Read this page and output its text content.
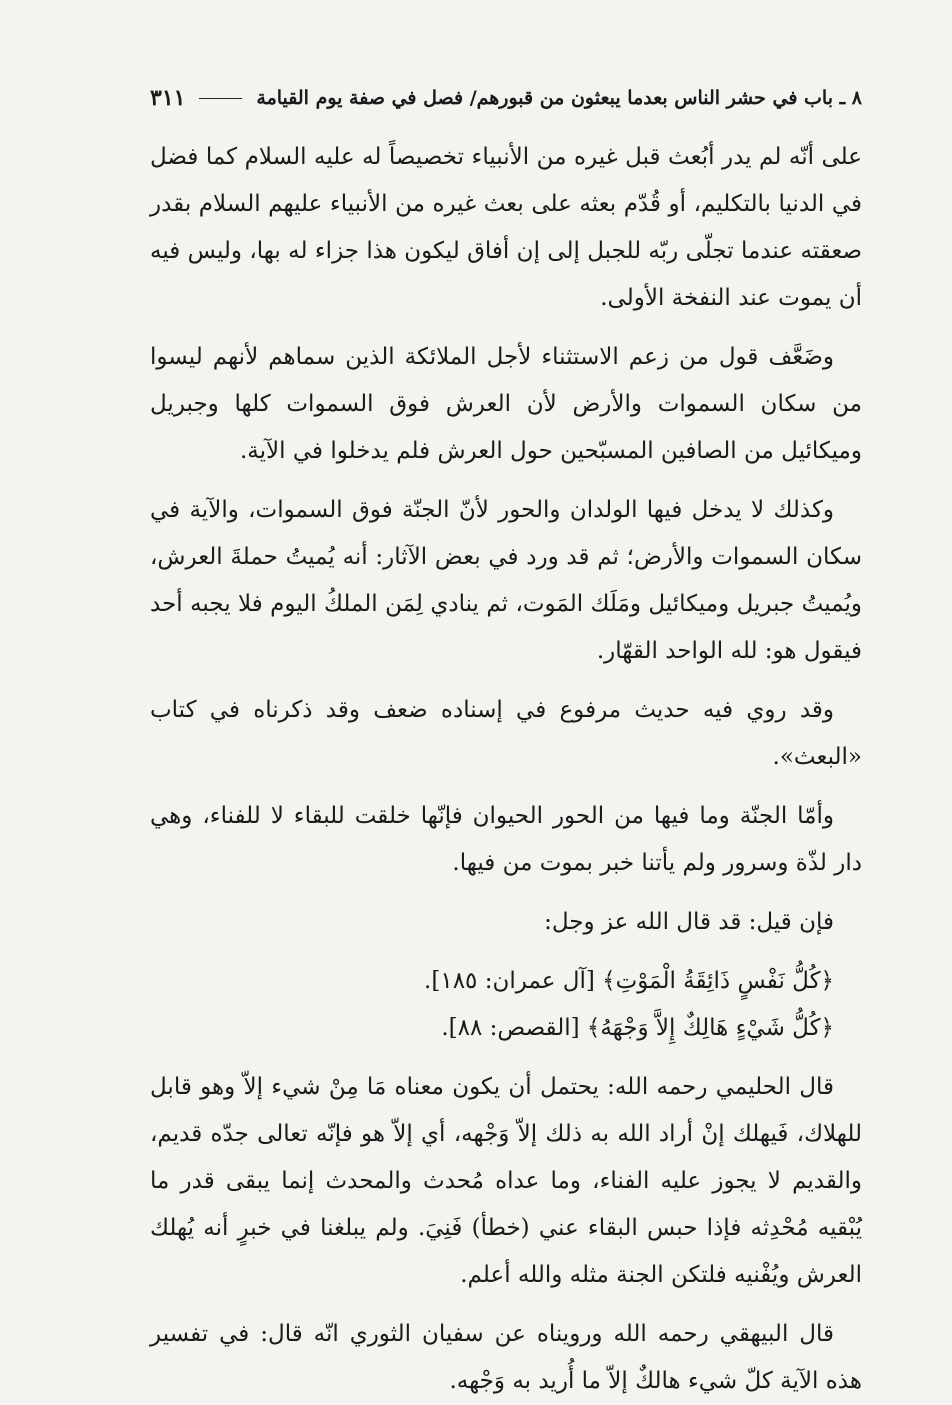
٨ ـ باب في حشر الناس بعدما يبعثون من قبورهم/ فصل في صفة يوم القيامة
٣١١

على أنّه لم يدر أبُعث قبل غيره من الأنبياء تخصيصاً له عليه السلام كما فضل في الدنيا بالتكليم، أو قُدّم بعثه على بعث غيره من الأنبياء عليهم السلام بقدر صعقته عندما تجلّى ربّه للجبل إلى إن أفاق ليكون هذا جزاء له بها، وليس فيه أن يموت عند النفخة الأولى.

وضَعَّف قول من زعم الاستثناء لأجل الملائكة الذين سماهم لأنهم ليسوا من سكان السموات والأرض لأن العرش فوق السموات كلها وجبريل وميكائيل من الصافين المسبّحين حول العرش فلم يدخلوا في الآية.

وكذلك لا يدخل فيها الولدان والحور لأنّ الجنّة فوق السموات، والآية في سكان السموات والأرض؛ ثم قد ورد في بعض الآثار: أنه يُميتُ حملةَ العرش، ويُميتُ جبريل وميكائيل ومَلَك المَوت، ثم ينادي لِمَن الملكُ اليوم فلا يجبه أحد فيقول هو: لله الواحد القهّار.

وقد روي فيه حديث مرفوع في إسناده ضعف وقد ذكرناه في كتاب «البعث».

وأمّا الجنّة وما فيها من الحور الحيوان فإنّها خلقت للبقاء لا للفناء، وهي دار لذّة وسرور ولم يأتنا خبر بموت من فيها.

فإن قيل: قد قال الله عز وجل:

﴿كُلُّ نَفْسٍ ذَائِقَةُ الْمَوْتِ﴾ [آل عمران: ١٨٥].

﴿كُلُّ شَيْءٍ هَالِكٌ إِلاَّ وَجْهَهُ﴾ [القصص: ٨٨].

قال الحليمي رحمه الله: يحتمل أن يكون معناه مَا مِنْ شيء إلاّ وهو قابل للهلاك، فَيهلك إنْ أراد الله به ذلك إلاّ وَجْهه، أي إلاّ هو فإنّه تعالى جدّه قديم، والقديم لا يجوز عليه الفناء، وما عداه مُحدث والمحدث إنما يبقى قدر ما يُبْقيه مُحْدِثه فإذا حبس البقاء عني (خطأ) فَنِيَ. ولم يبلغنا في خبرٍ أنه يُهلك العرش ويُفْنيه فلتكن الجنة مثله والله أعلم.

قال البيهقي رحمه الله ورويناه عن سفيان الثوري انّه قال: في تفسير هذه الآية كلّ شيء هالكٌ إلاّ ما أُريد به وَجْهه.
